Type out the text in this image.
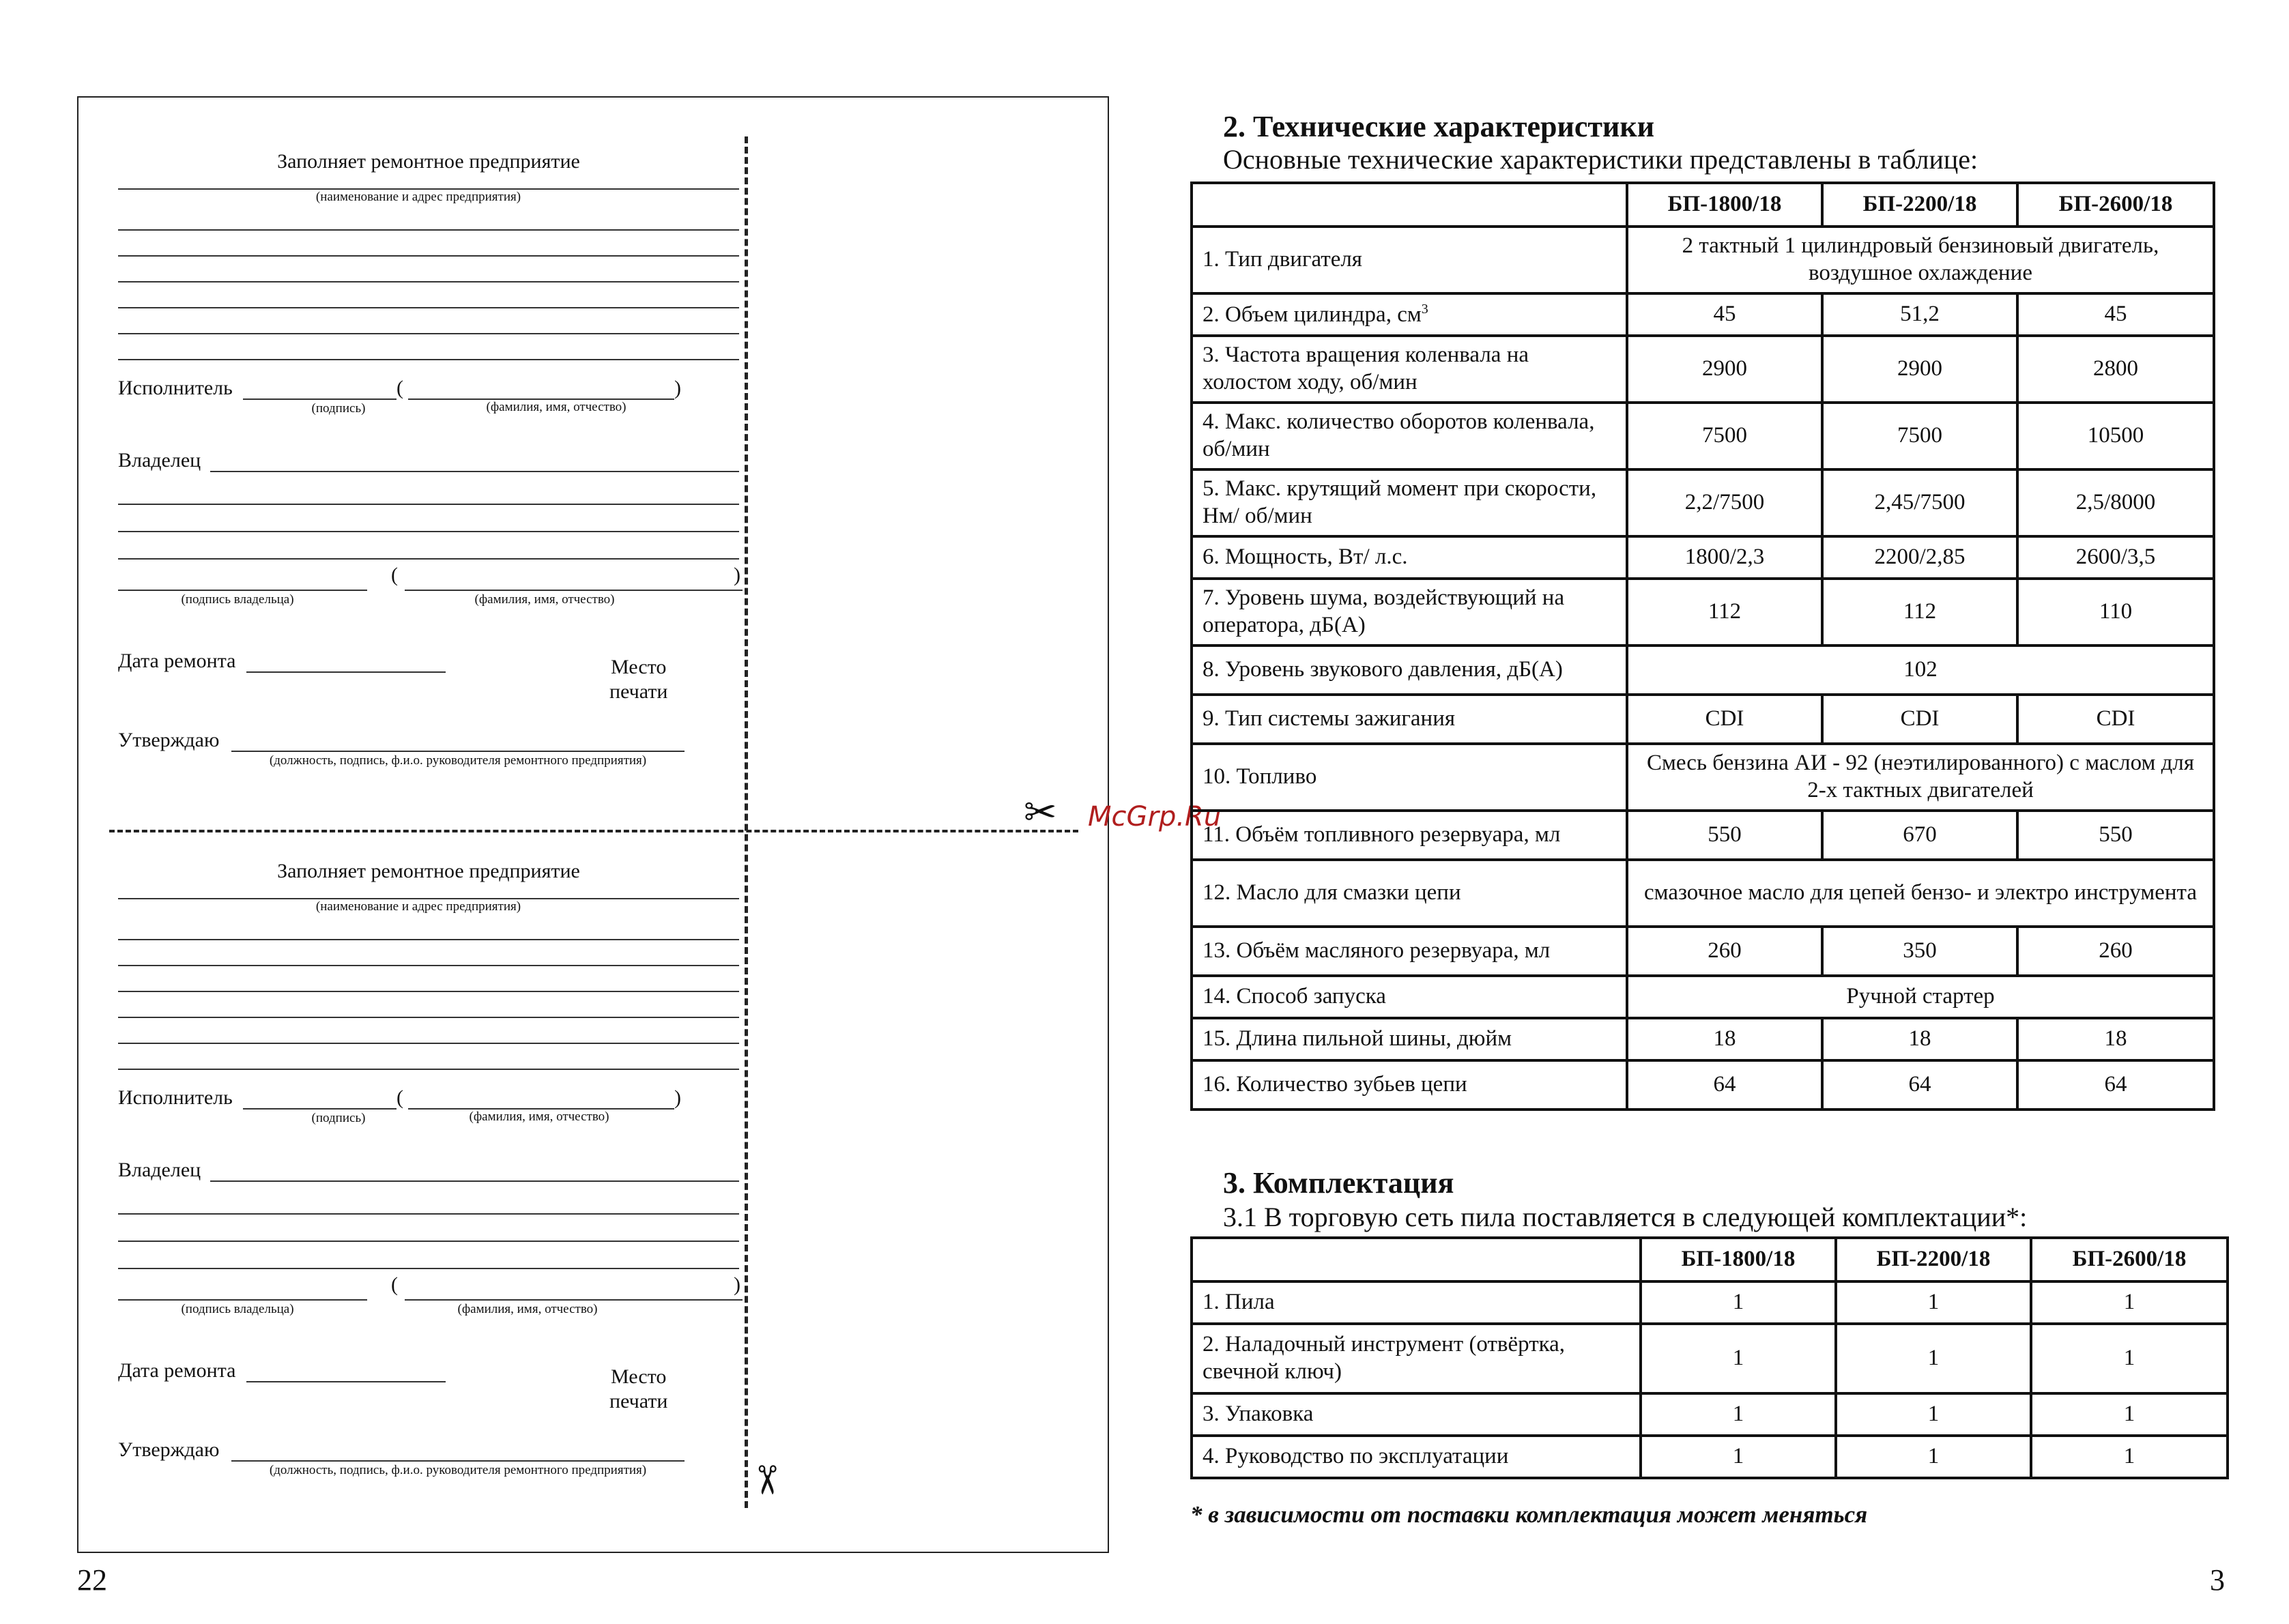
✂
✂
McGrp.Ru
Заполняет ремонтное предприятие
(наименование и адрес предприятия)
Исполнитель	(	)
(подпись)	(фамилия, имя, отчество)
Владелец
(	)
(подпись владельца)	(фамилия, имя, отчество)
Дата ремонта	Место
печати
Утверждаю
(должность, подпись, ф.и.о. руководителя ремонтного предприятия)
Заполняет ремонтное предприятие
(наименование и адрес предприятия)
Исполнитель	(	)
(подпись)	(фамилия, имя, отчество)
Владелец
(	)
(подпись владельца)	(фамилия, имя, отчество)
Дата ремонта	Место
печати
Утверждаю
(должность, подпись, ф.и.о. руководителя ремонтного предприятия)
22
2. Технические характеристики
Основные технические характеристики представлены в таблице:
	БП-1800/18	БП-2200/18	БП-2600/18
1. Тип двигателя	2 тактный 1 цилиндровый бензиновый двигатель, воздушное охлаждение		
2. Объем цилиндра, $см^3$	45	51,2	45
3. Частота вращения коленвала на холостом ходу, об/мин	2900	2900	2800
4. Макс. количество оборотов коленвала, об/мин	7500	7500	10500
5. Макс. крутящий момент при скорости, Нм/ об/мин	2,2/7500	2,45/7500	2,5/8000
6. Мощность, Вт/ л.с.	1800/2,3	2200/2,85	2600/3,5
7. Уровень шума, воздействующий на оператора, дБ(А)	112	112	110
8. Уровень звукового давления, дБ(А)	102		
9. Тип системы зажигания	CDI	CDI	CDI
10. Топливо	Смесь бензина АИ - 92 (неэтилированного) с маслом для 2-х тактных двигателей		
11. Объём топливного резервуара, мл	550	670	550
12. Масло для смазки цепи	смазочное масло для цепей бензо- и электро инструмента		
13. Объём масляного резервуара, мл	260	350	260
14. Способ запуска	Ручной стартер		
15. Длина пильной шины, дюйм	18	18	18
16. Количество зубьев цепи	64	64	64
3. Комплектация
3.1 В торговую сеть пила поставляется в следующей комплектации*:
	БП-1800/18	БП-2200/18	БП-2600/18
1. Пила	1	1	1
2. Наладочный инструмент (отвёртка, свечной ключ)	1	1	1
3. Упаковка	1	1	1
4. Руководство по эксплуатации	1	1	1
* в зависимости от поставки комплектация может меняться
3
